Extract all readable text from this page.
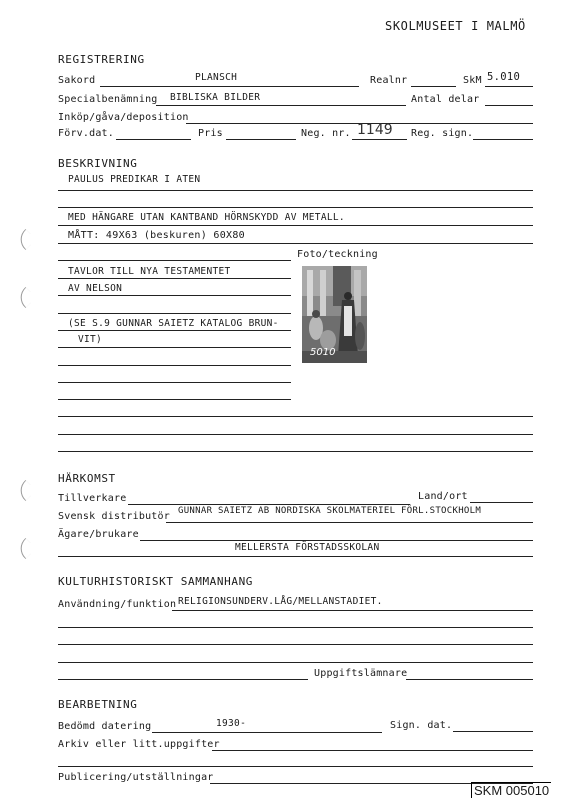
SKOLMUSEET I MALMÖ
REGISTRERING
Sakord	PLANSCH	Realnr	SkM 5.010
Specialbenämning BIBLISKA BILDER	Antal delar
Inköp/gåva/deposition
Förv.dat.	Pris	Neg. nr. 1149 Reg. sign.
BESKRIVNING
PAULUS PREDIKAR I ATEN
MED HÄNGARE UTAN KANTBAND HÖRNSKYDD AV METALL.
MÅTT: 49X63 (beskuren) 60X80
Foto/teckning
TAVLOR TILL NYA TESTAMENTET
AV NELSON
(SE S.9 GUNNAR SAIETZ KATALOG BRUN-
VIT)
5010
HÄRKOMST
Tillverkare	Land/ort
Svensk distributör GUNNAR SAIETZ AB NORDISKA SKOLMATERIEL FÖRL.STOCKHOLM
Ägare/brukare
MELLERSTA FÖRSTADSSKOLAN
KULTURHISTORISKT SAMMANHANG
Användning/funktion RELIGIONSUNDERV.LÅG/MELLANSTADIET.
Uppgiftslämnare
BEARBETNING
Bedömd datering	1930-	Sign. dat.
Arkiv eller litt.uppgifter
Publicering/utställningar
SKM 005010
